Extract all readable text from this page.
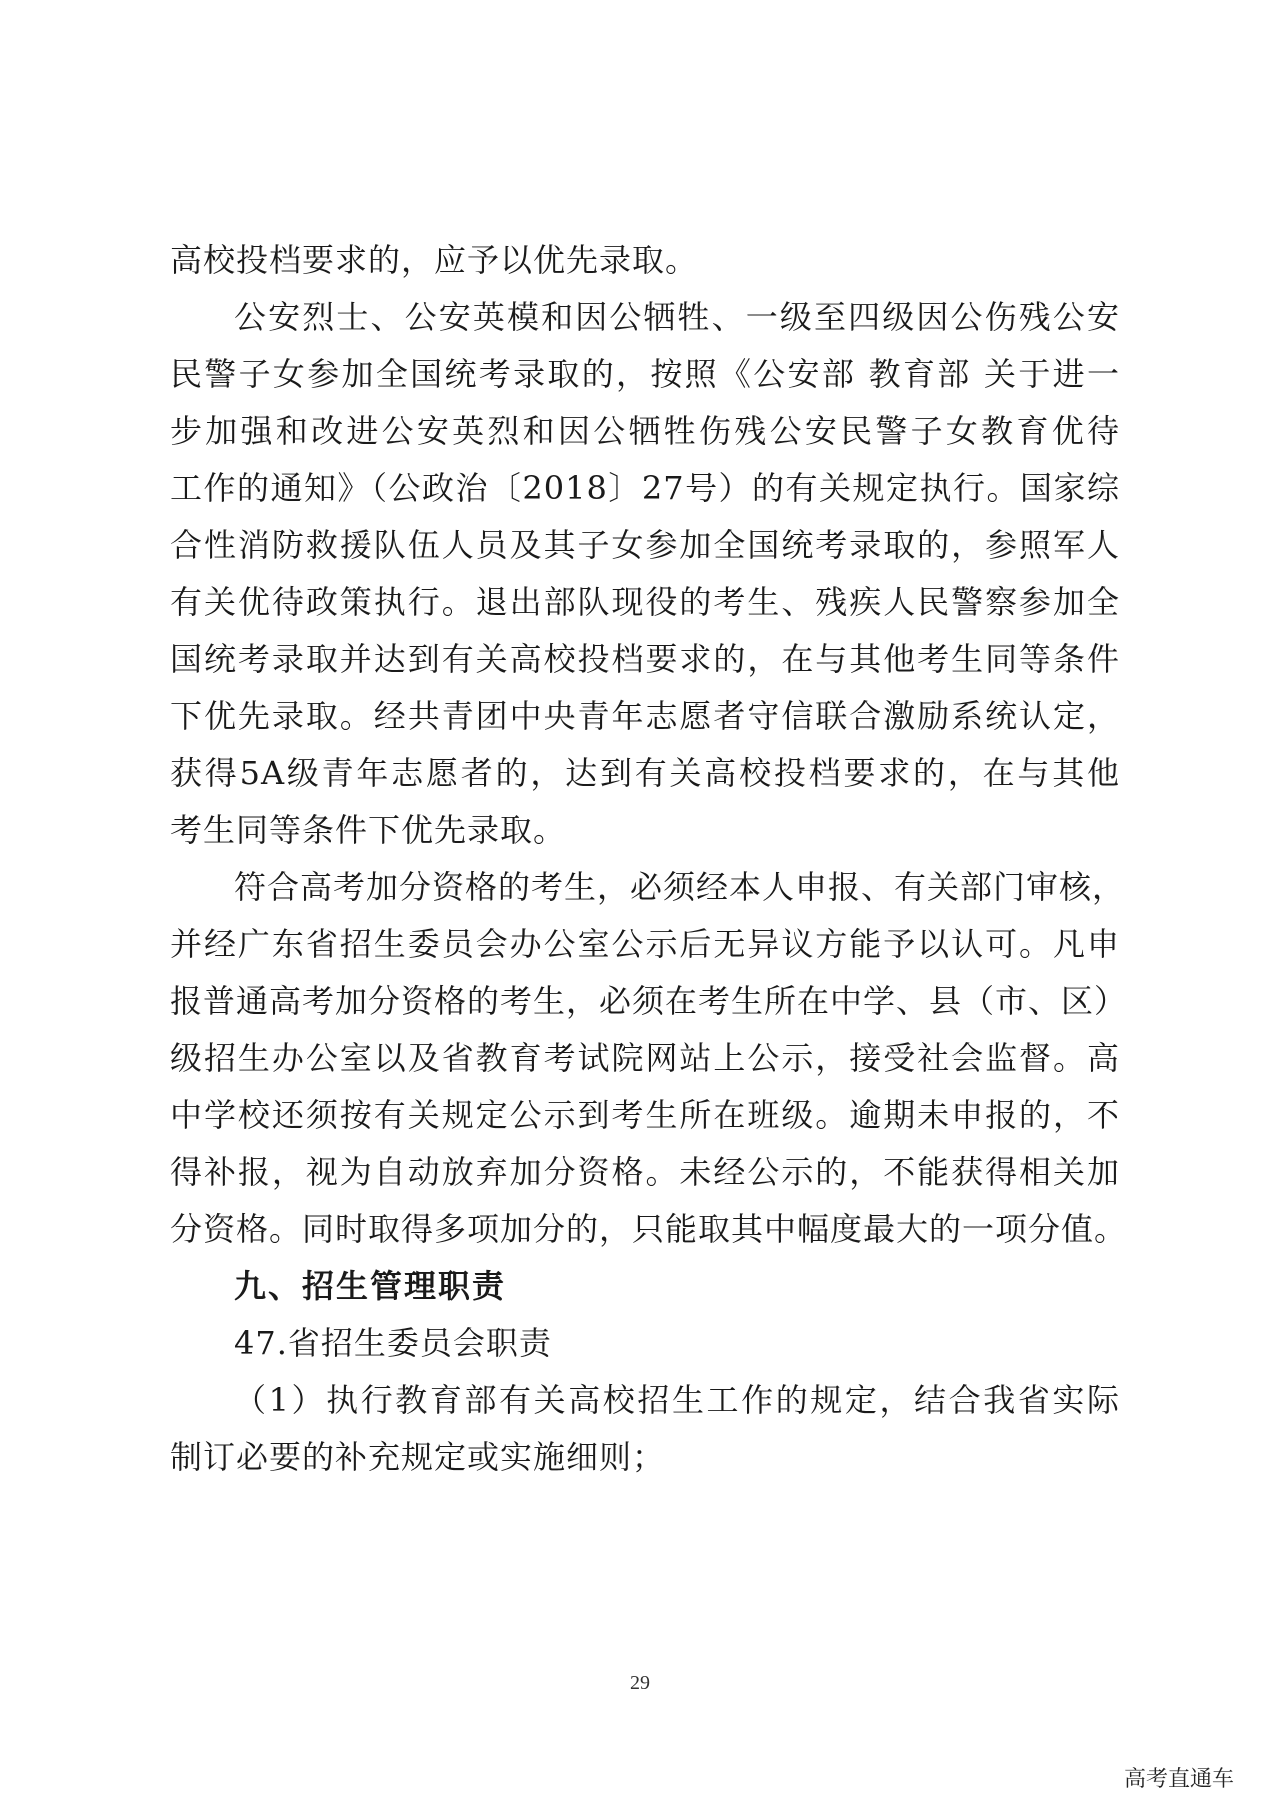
高校投档要求的，应予以优先录取。
公安烈士、公安英模和因公牺牲、一级至四级因公伤残公安
民警子女参加全国统考录取的，按照《公安部 教育部 关于进一
步加强和改进公安英烈和因公牺牲伤残公安民警子女教育优待
工作的通知》（公政治〔2018〕27号）的有关规定执行。国家综
合性消防救援队伍人员及其子女参加全国统考录取的，参照军人
有关优待政策执行。退出部队现役的考生、残疾人民警察参加全
国统考录取并达到有关高校投档要求的，在与其他考生同等条件
下优先录取。经共青团中央青年志愿者守信联合激励系统认定，
获得5A级青年志愿者的，达到有关高校投档要求的，在与其他
考生同等条件下优先录取。
符合高考加分资格的考生，必须经本人申报、有关部门审核，
并经广东省招生委员会办公室公示后无异议方能予以认可。凡申
报普通高考加分资格的考生，必须在考生所在中学、县（市、区）
级招生办公室以及省教育考试院网站上公示，接受社会监督。高
中学校还须按有关规定公示到考生所在班级。逾期未申报的，不
得补报，视为自动放弃加分资格。未经公示的，不能获得相关加
分资格。同时取得多项加分的，只能取其中幅度最大的一项分值。
九、招生管理职责
47.省招生委员会职责
（1）执行教育部有关高校招生工作的规定，结合我省实际
制订必要的补充规定或实施细则；
29
高考直通车
